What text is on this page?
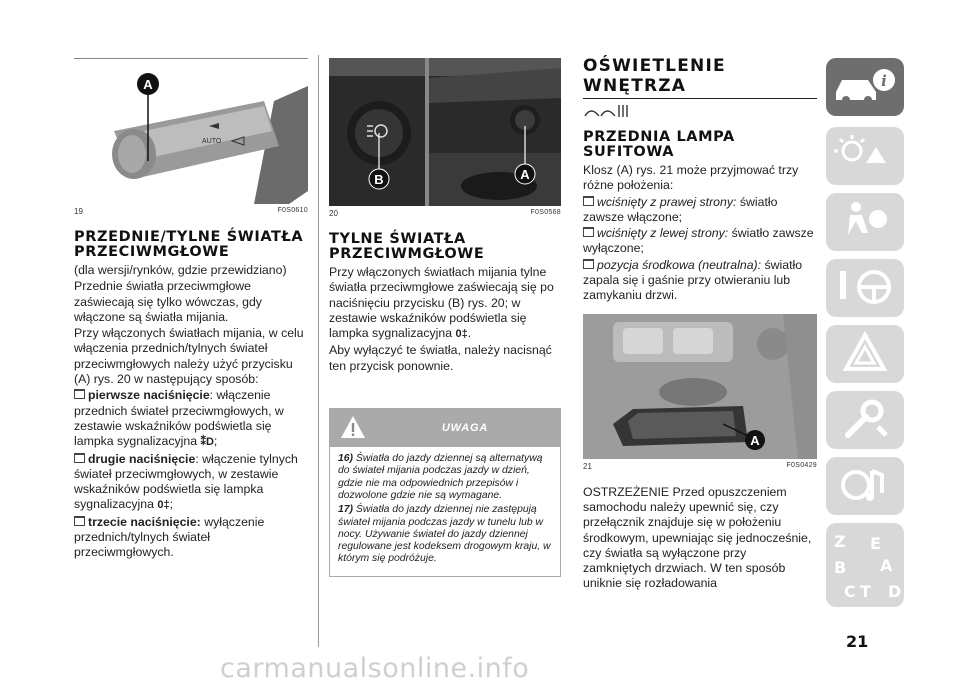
AUTO
A
19	F0S0610
PRZEDNIE/TYLNE ŚWIATŁA PRZECIWMGŁOWE

(dla wersji/rynków, gdzie przewidziano)

Przednie światła przeciwmgłowe zaświecają się tylko wówczas, gdy włączone są światła mijania.

Przy włączonych światłach mijania, w celu włączenia przednich/tylnych świateł przeciwmgłowych należy użyć przycisku (A) rys. 20 w następujący sposób:

pierwsze naciśnięcie: włączenie przednich świateł przeciwmgłowych, w zestawie wskaźników podświetla się lampka sygnalizacyjna ⁑D;

drugie naciśnięcie: włączenie tylnych świateł przeciwmgłowych, w zestawie wskaźników podświetla się lampka sygnalizacyjna 0‡;

trzecie naciśnięcie: wyłączenie przednich/tylnych świateł przeciwmgłowych.

B	A
20	F0S0568
TYLNE ŚWIATŁA PRZECIWMGŁOWE

Przy włączonych światłach mijania tylne światła przeciwmgłowe zaświecają się po naciśnięciu przycisku (B) rys. 20; w zestawie wskaźników podświetla się lampka sygnalizacyjna 0‡.

Aby wyłączyć te światła, należy nacisnąć ten przycisk ponownie.

UWAGA

16) Światła do jazdy dziennej są alternatywą do świateł mijania podczas jazdy w dzień, gdzie nie ma odpowiednich przepisów i dozwolone gdzie nie są wymagane.

17) Światła do jazdy dziennej nie zastępują świateł mijania podczas jazdy w tunelu lub w nocy. Używanie świateł do jazdy dziennej regulowane jest kodeksem drogowym kraju, w którym się podróżuje.

OŚWIETLENIE WNĘTRZA
PRZEDNIA LAMPA SUFITOWA

Klosz (A) rys. 21 może przyjmować trzy różne położenia:

wciśnięty z prawej strony: światło zawsze włączone;

wciśnięty z lewej strony: światło zawsze wyłączone;

pozycja środkowa (neutralna): światło zapala się i gaśnie przy otwieraniu lub zamykaniu drzwi.

A
21	F0S0429
OSTRZEŻENIE Przed opuszczeniem samochodu należy upewnić się, czy przełącznik znajduje się w położeniu środkowym, upewniając się jednocześnie, czy światła są wyłączone przy zamkniętych drzwiach. W ten sposób uniknie się rozładowania
i
Z E
B A
C T D
21
carmanualsonline.info
